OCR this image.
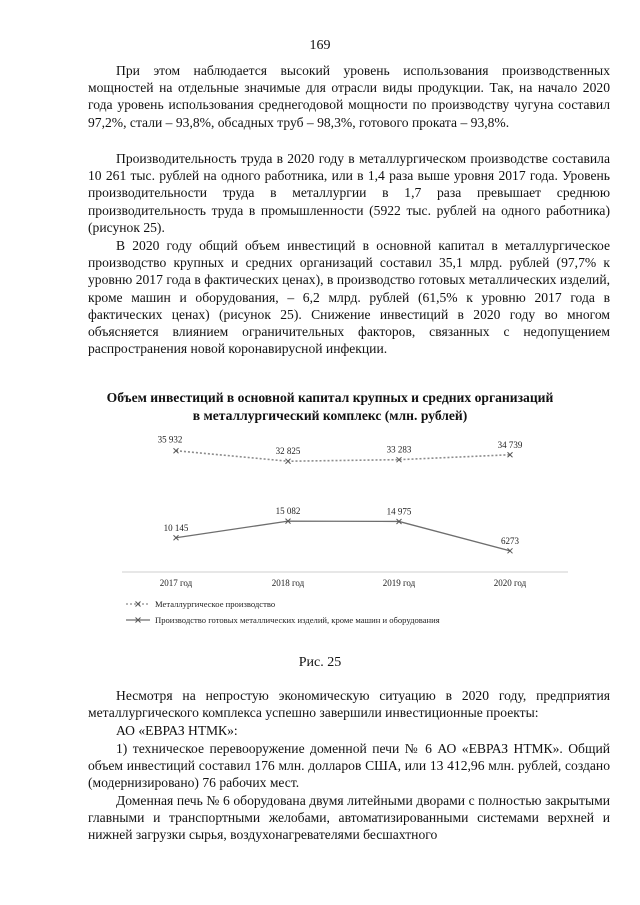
169

При этом наблюдается высокий уровень использования производственных мощностей на отдельные значимые для отрасли виды продукции. Так, на начало 2020 года уровень использования среднегодовой мощности по производству чугуна составил 97,2%, стали – 93,8%, обсадных труб – 98,3%, готового проката – 93,8%.

Производительность труда в 2020 году в металлургическом производстве составила 10 261 тыс. рублей на одного работника, или в 1,4 раза выше уровня 2017 года. Уровень производительности труда в металлургии в 1,7 раза превышает среднюю производительность труда в промышленности (5922 тыс. рублей на одного работника) (рисунок 25).

В 2020 году общий объем инвестиций в основной капитал в металлургическое производство крупных и средних организаций составил 35,1 млрд. рублей (97,7% к уровню 2017 года в фактических ценах), в производство готовых металлических изделий, кроме машин и оборудования, – 6,2 млрд. рублей (61,5% к уровню 2017 года в фактических ценах) (рисунок 25). Снижение инвестиций в 2020 году во многом объясняется влиянием ограничительных факторов, связанных с недопущением распространения новой коронавирусной инфекции.

Объем инвестиций в основной капитал крупных и средних организаций
в металлургический комплекс (млн. рублей)
2017 год	2018 год	2019 год	2020 год
35 932
32 825	33 283	34 739
10 145
15 082	14 975
6273
Металлургическое производство
Производство готовых металлических изделий, кроме машин и оборудования
Рис. 25

Несмотря на непростую экономическую ситуацию в 2020 году, предприятия металлургического комплекса успешно завершили инвестиционные проекты:

АО «ЕВРАЗ НТМК»:

1) техническое перевооружение доменной печи № 6 АО «ЕВРАЗ НТМК». Общий объем инвестиций составил 176 млн. долларов США, или 13 412,96 млн. рублей, создано (модернизировано) 76 рабочих мест.

Доменная печь № 6 оборудована двумя литейными дворами с полностью закрытыми главными и транспортными желобами, автоматизированными системами верхней и нижней загрузки сырья, воздухонагревателями бесшахтного
